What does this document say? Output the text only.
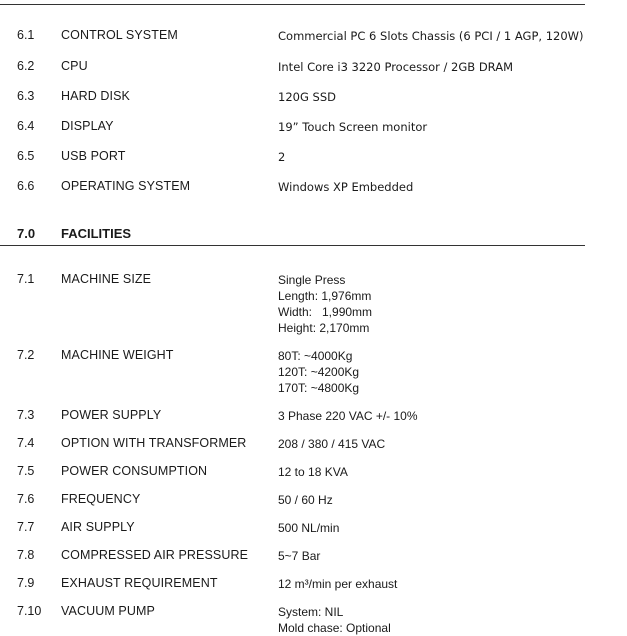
6.1 CONTROL SYSTEM	Commercial PC 6 Slots Chassis (6 PCI / 1 AGP, 120W)
6.2 CPU	Intel Core i3 3220 Processor / 2GB DRAM
6.3 HARD DISK	120G SSD
6.4 DISPLAY	19” Touch Screen monitor
6.5 USB PORT	2
6.6 OPERATING SYSTEM	Windows XP Embedded
7.0 FACILITIES
7.1 MACHINE SIZE	Single Press
Length: 1,976mm
Width:   1,990mm
Height: 2,170mm
7.2 MACHINE WEIGHT	80T: ~4000Kg
120T: ~4200Kg
170T: ~4800Kg
7.3 POWER SUPPLY	3 Phase 220 VAC +/- 10%
7.4 OPTION WITH TRANSFORMER	208 / 380 / 415 VAC
7.5 POWER CONSUMPTION	12 to 18 KVA
7.6 FREQUENCY	50 / 60 Hz
7.7 AIR SUPPLY	500 NL/min
7.8 COMPRESSED AIR PRESSURE 5~7 Bar
7.9 EXHAUST REQUIREMENT	12 m³/min per exhaust
7.10 VACUUM PUMP	System: NIL
Mold chase: Optional
